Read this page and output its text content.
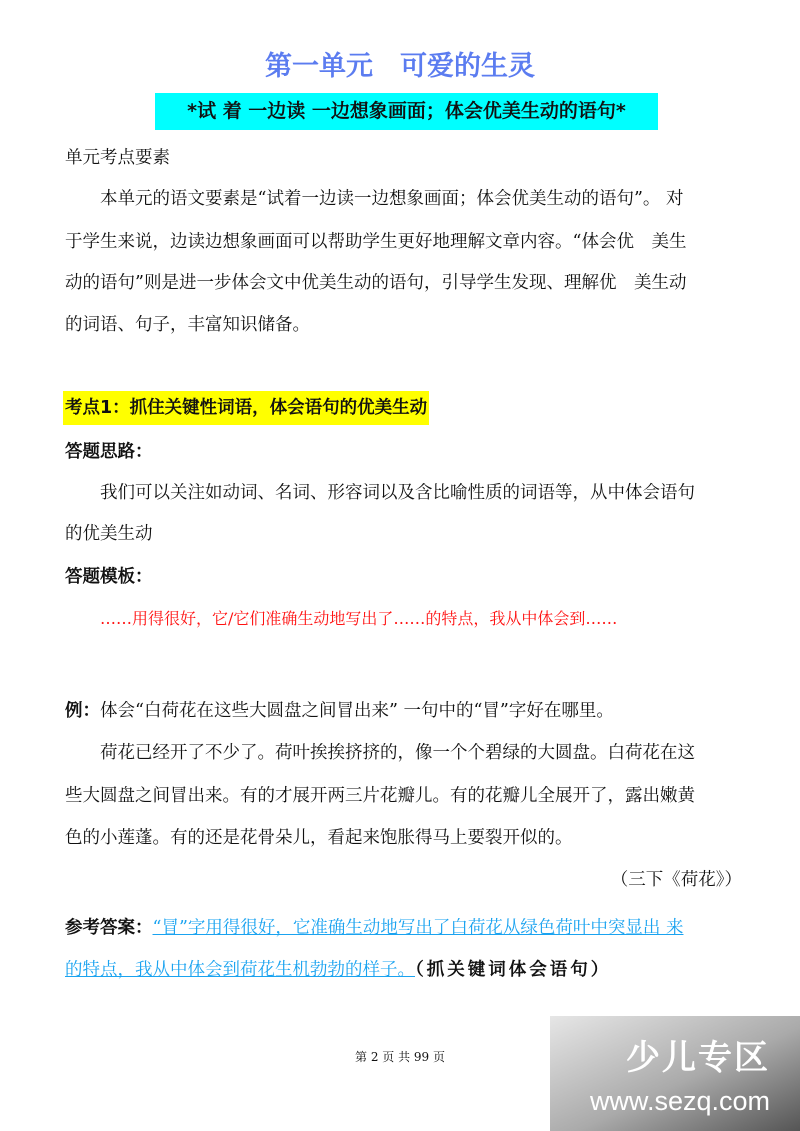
第一单元　可爱的生灵
*试 着 一边读 一边想象画面；体会优美生动的语句*
单元考点要素
本单元的语文要素是“试着一边读一边想象画面；体会优美生动的语句”。 对
于学生来说，边读边想象画面可以帮助学生更好地理解文章内容。“体会优　美生
动的语句”则是进一步体会文中优美生动的语句，引导学生发现、理解优　美生动
的词语、句子，丰富知识储备。
考点1：抓住关键性词语，体会语句的优美生动
答题思路：
我们可以关注如动词、名词、形容词以及含比喻性质的词语等，从中体会语句
的优美生动
答题模板：
……用得很好，它/它们准确生动地写出了……的特点，我从中体会到……
例：体会“白荷花在这些大圆盘之间冒出来” 一句中的“冒”字好在哪里。
荷花已经开了不少了。荷叶挨挨挤挤的，像一个个碧绿的大圆盘。白荷花在这
些大圆盘之间冒出来。有的才展开两三片花瓣儿。有的花瓣儿全展开了，露出嫩黄
色的小莲蓬。有的还是花骨朵儿，看起来饱胀得马上要裂开似的。
（三下《荷花》）
参考答案：“冒”字用得很好，它准确生动地写出了白荷花从绿色荷叶中突显出 来
的特点，我从中体会到荷花生机勃勃的样子。（抓关键词体会语句）
第 2 页 共 99 页	少儿专区
www.sezq.com
